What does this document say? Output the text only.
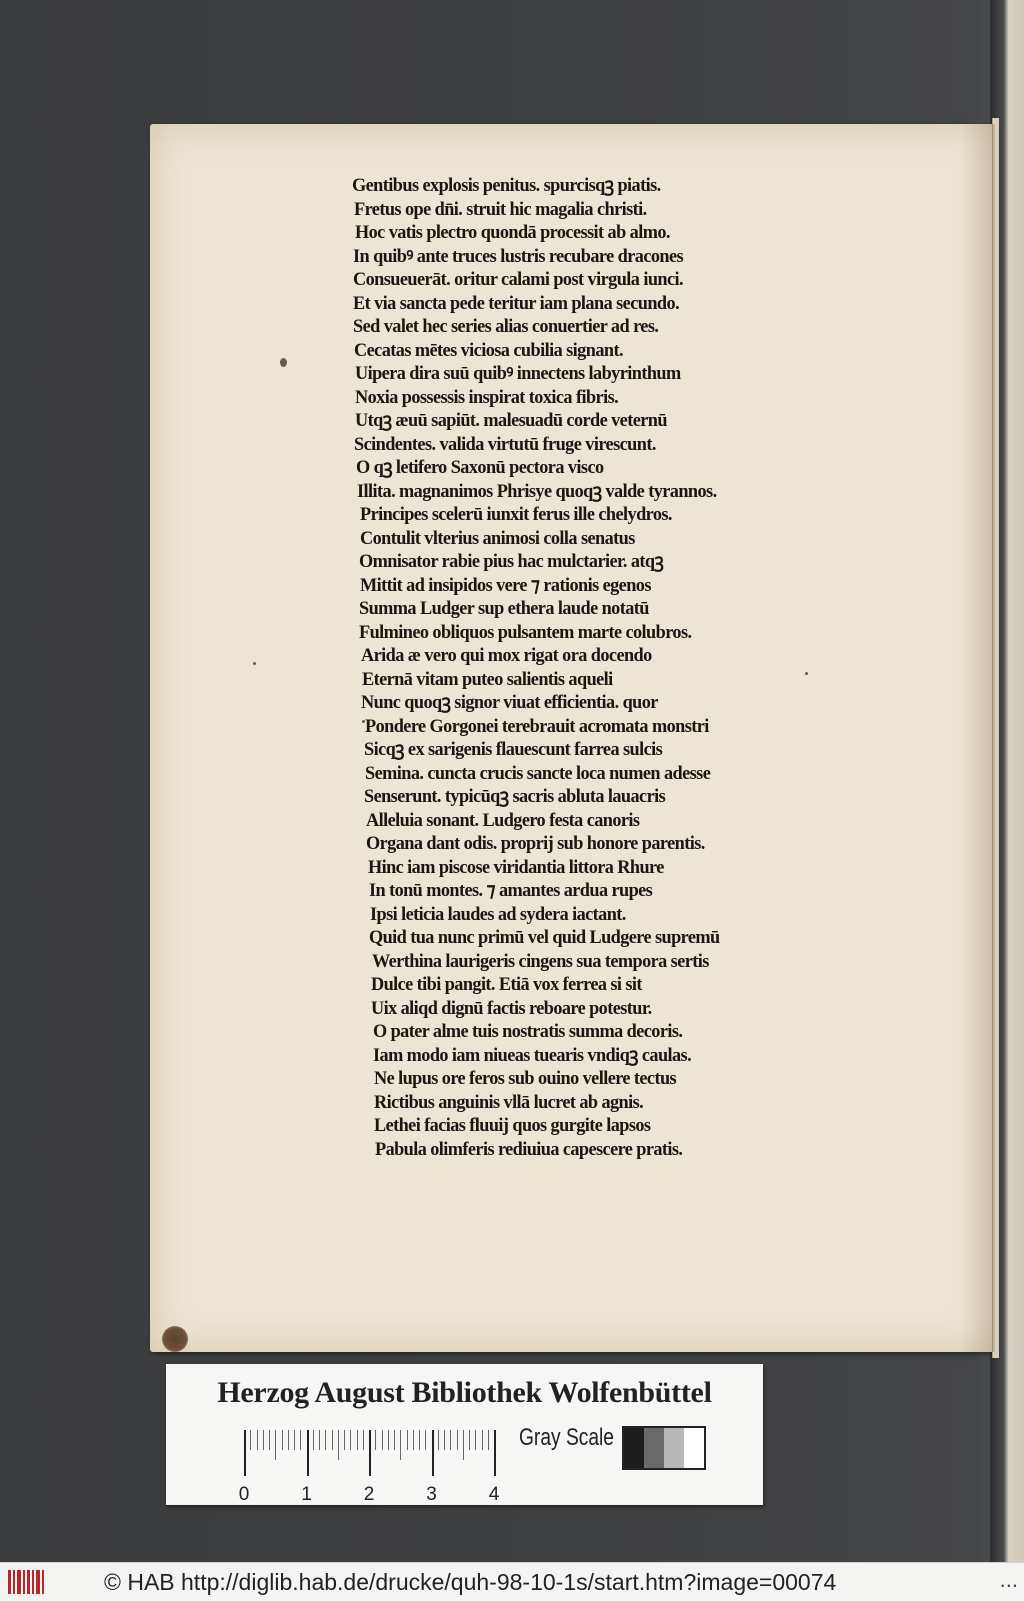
Gentibus explosis penitus. spurcisqꝫ piatis.

Fretus ope dn̄i. struit hic magalia christi.

Hoc vatis plectro quondā processit ab almo.

In quibꝰ ante truces lustris recubare dracones

Consueuerāt. oritur calami post virgula iunci.

Et via sancta pede teritur iam plana secundo.

Sed valet hec series alias conuertier ad res.

Cecatas mētes viciosa cubilia signant.

Uipera dira suū quibꝰ innectens labyrinthum

Noxia possessis inspirat toxica fibris.

Utqꝫ æuū sapiūt. malesuadū corde veternū

Scindentes. valida virtutū fruge virescunt.

O qꝫ letifero Saxonū pectora visco

Illita. magnanimos Phrisye quoqꝫ valde tyrannos.

Principes scelerū iunxit ferus ille chelydros.

Contulit vlterius animosi colla senatus

Omnisator rabie pius hac mulctarier. atqꝫ

Mittit ad insipidos vere ⁊ rationis egenos

Summa Ludger sup ethera laude notatū

Fulmineo obliquos pulsantem marte colubros.

Arida æ vero qui mox rigat ora docendo

Eternā vitam puteo salientis aqueli

Nunc quoqꝫ signor viuat efficientia. quor

Pondere Gorgonei terebrauit acromata monstri

Sicqꝫ ex sarigenis flauescunt farrea sulcis

Semina. cuncta crucis sancte loca numen adesse

Senserunt. typicūqꝫ sacris abluta lauacris

Alleluia sonant. Ludgero festa canoris

Organa dant odis. proprij sub honore parentis.

Hinc iam piscose viridantia littora Rhure

In tonū montes. ⁊ amantes ardua rupes

Ipsi leticia laudes ad sydera iactant.

Quid tua nunc primū vel quid Ludgere supremū

Werthina laurigeris cingens sua tempora sertis

Dulce tibi pangit. Etiā vox ferrea si sit

Uix aliqd dignū factis reboare potestur.

O pater alme tuis nostratis summa decoris.

Iam modo iam niueas tuearis vndiqꝫ caulas.

Ne lupus ore feros sub ouino vellere tectus

Rictibus anguinis vllā lucret ab agnis.

Lethei facias fluuij quos gurgite lapsos

Pabula olimferis rediuiua capescere pratis.

Herzog August Bibliothek Wolfenbüttel
0	1	2	3	4
Gray Scale
© HAB http://diglib.hab.de/drucke/quh-98-10-1s/start.htm?image=00074	...
